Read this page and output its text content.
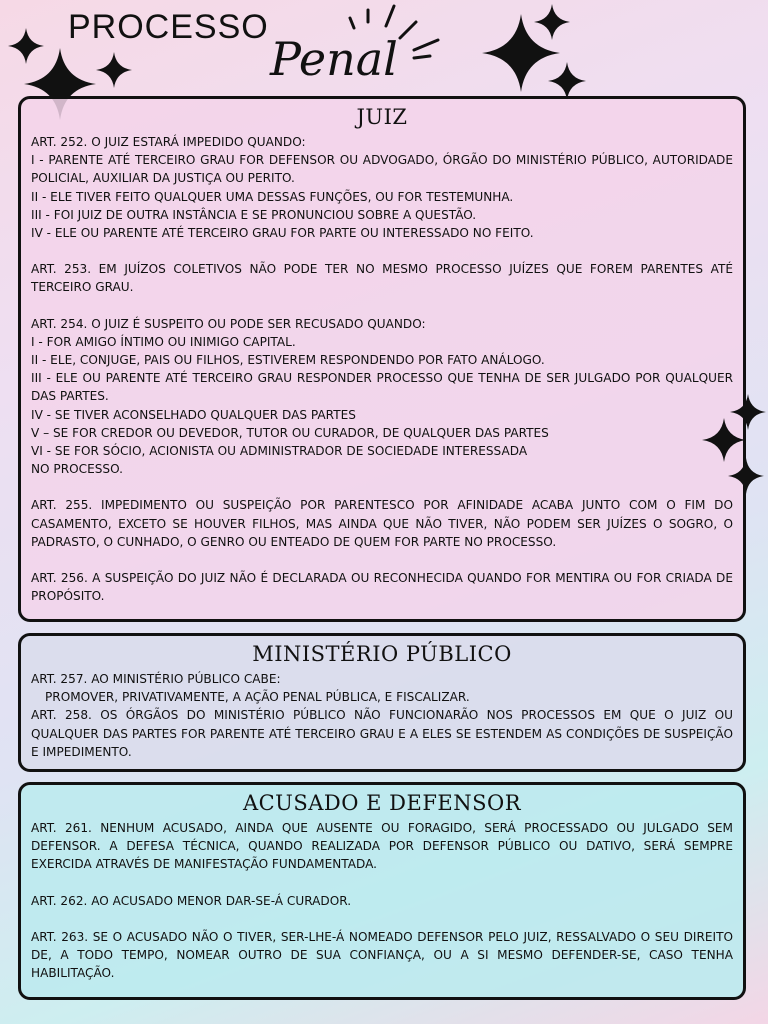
PROCESSO
Penal
JUIZ

ART. 252. O JUIZ ESTARÁ IMPEDIDO QUANDO:

I - PARENTE ATÉ TERCEIRO GRAU FOR DEFENSOR OU ADVOGADO, ÓRGÃO DO MINISTÉRIO PÚBLICO, AUTORIDADE POLICIAL, AUXILIAR DA JUSTIÇA OU PERITO.

II - ELE TIVER FEITO QUALQUER UMA DESSAS FUNÇÕES, OU FOR TESTEMUNHA.

III - FOI JUIZ DE OUTRA INSTÂNCIA E SE PRONUNCIOU SOBRE A QUESTÃO.

IV - ELE OU PARENTE ATÉ TERCEIRO GRAU FOR PARTE OU INTERESSADO NO FEITO.

ART. 253. EM JUÍZOS COLETIVOS NÃO PODE TER NO MESMO PROCESSO JUÍZES QUE FOREM PARENTES ATÉ TERCEIRO GRAU.

ART. 254. O JUIZ É SUSPEITO OU PODE SER RECUSADO QUANDO:

I - FOR AMIGO ÍNTIMO OU INIMIGO CAPITAL.

II - ELE, CONJUGE, PAIS OU FILHOS, ESTIVEREM RESPONDENDO POR FATO ANÁLOGO.

III - ELE OU PARENTE ATÉ TERCEIRO GRAU RESPONDER PROCESSO QUE TENHA DE SER JULGADO POR QUALQUER DAS PARTES.

IV - SE TIVER ACONSELHADO QUALQUER DAS PARTES

V – SE FOR CREDOR OU DEVEDOR, TUTOR OU CURADOR, DE QUALQUER DAS PARTES

VI - SE FOR SÓCIO, ACIONISTA OU ADMINISTRADOR DE SOCIEDADE INTERESSADA

NO PROCESSO.

ART. 255. IMPEDIMENTO OU SUSPEIÇÃO POR PARENTESCO POR AFINIDADE ACABA JUNTO COM O FIM DO CASAMENTO, EXCETO SE HOUVER FILHOS, MAS AINDA QUE NÃO TIVER, NÃO PODEM SER JUÍZES O SOGRO, O PADRASTO, O CUNHADO, O GENRO OU ENTEADO DE QUEM FOR PARTE NO PROCESSO.

ART. 256. A SUSPEIÇÃO DO JUIZ NÃO É DECLARADA OU RECONHECIDA QUANDO FOR MENTIRA OU FOR CRIADA DE PROPÓSITO.

MINISTÉRIO PÚBLICO

ART. 257. AO MINISTÉRIO PÚBLICO CABE:

PROMOVER, PRIVATIVAMENTE, A AÇÃO PENAL PÚBLICA, E FISCALIZAR.

ART. 258. OS ÓRGÃOS DO MINISTÉRIO PÚBLICO NÃO FUNCIONARÃO NOS PROCESSOS EM QUE O JUIZ OU QUALQUER DAS PARTES FOR PARENTE ATÉ TERCEIRO GRAU E A ELES SE ESTENDEM AS CONDIÇÕES DE SUSPEIÇÃO E IMPEDIMENTO.

ACUSADO E DEFENSOR

ART. 261. NENHUM ACUSADO, AINDA QUE AUSENTE OU FORAGIDO, SERÁ PROCESSADO OU JULGADO SEM DEFENSOR. A DEFESA TÉCNICA, QUANDO REALIZADA POR DEFENSOR PÚBLICO OU DATIVO, SERÁ SEMPRE EXERCIDA ATRAVÉS DE MANIFESTAÇÃO FUNDAMENTADA.

ART. 262. AO ACUSADO MENOR DAR-SE-Á CURADOR.

ART. 263. SE O ACUSADO NÃO O TIVER, SER-LHE-Á NOMEADO DEFENSOR PELO JUIZ, RESSALVADO O SEU DIREITO DE, A TODO TEMPO, NOMEAR OUTRO DE SUA CONFIANÇA, OU A SI MESMO DEFENDER-SE, CASO TENHA HABILITAÇÃO.
